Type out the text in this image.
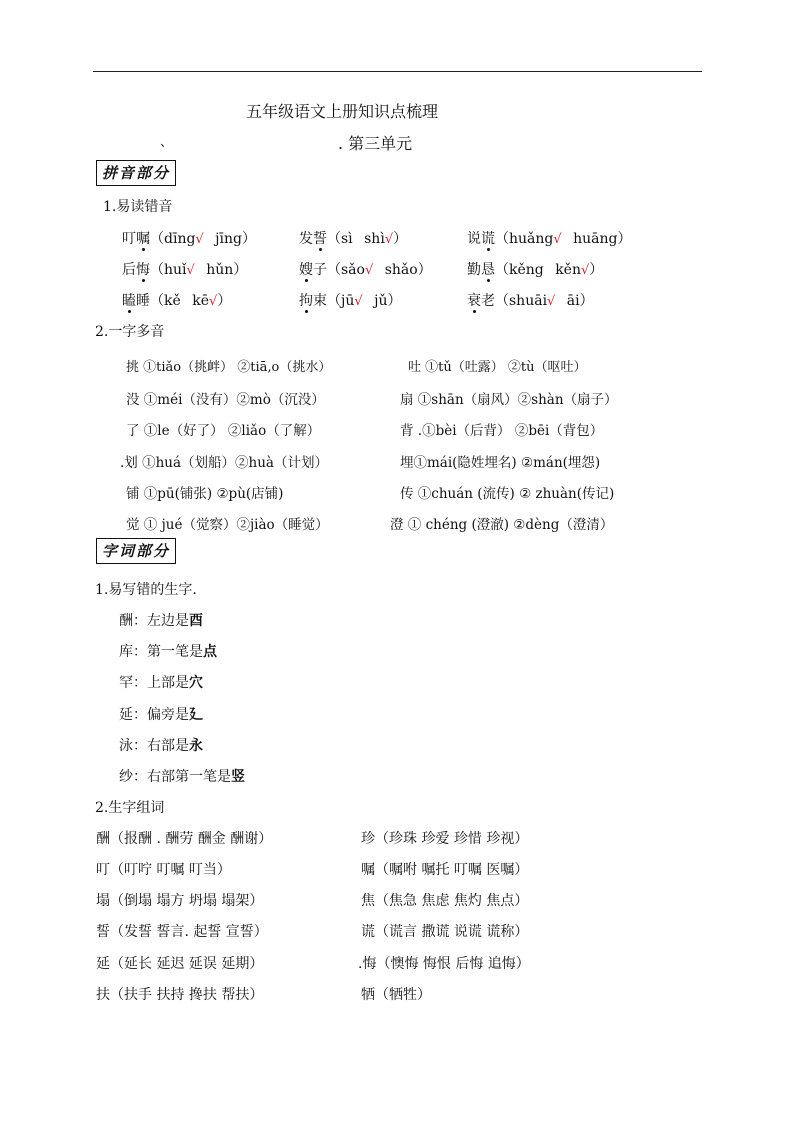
五年级语文上册知识点梳理
、	. 第三单元
拼音部分
1.易读错音
叮嘱（dīng√  jīng）	发誓（sì  shì√）	说谎（huǎng√  huāng）
后悔（huǐ√  hǔn）	嫂子（sǎo√  shǎo）	勤恳（kěng  kěn√）
瞌睡（kě  kē√）	拘束（jū√  jǔ）	衰老（shuāi√  āi）
2.一字多音
挑 ①tiǎo（挑衅） ②tiā,o（挑水）	吐 ①tǔ（吐露） ②tù（呕吐）
没 ①méi（没有）②mò（沉没）	扇 ①shān（扇风）②shàn（扇子）
了 ①le（好了） ②liǎo（了解）	背 .①bèi（后背） ②bēi（背包）
.划 ①huá（划船）②huà（计划）	埋①mái(隐姓埋名) ②mán(埋怨)
铺 ①pū(铺张) ②pù(店铺)	传 ①chuán (流传) ② zhuàn(传记)
觉 ① jué（觉察）②jiào（睡觉）	澄 ① chéng (澄澈) ②dèng（澄清）
字词部分
1.易写错的生字.
酬：左边是酉
库：第一笔是点
罕：上部是穴
延：偏旁是廴
泳：右部是永
纱：右部第一笔是竖
2.生字组词
酬（报酬 . 酬劳 酬金 酬谢）	珍（珍珠 珍爱 珍惜 珍视）
叮（叮咛 叮嘱 叮当）	嘱（嘱咐 嘱托 叮嘱 医嘱）
塌（倒塌 塌方 坍塌 塌架）	焦（焦急 焦虑 焦灼 焦点）
誓（发誓 誓言. 起誓 宣誓）	谎（谎言 撒谎 说谎 谎称）
延（延长 延迟 延误 延期）	.悔（懊悔 悔恨 后悔 追悔）
扶（扶手 扶持 搀扶 帮扶）	牺（牺牲）
